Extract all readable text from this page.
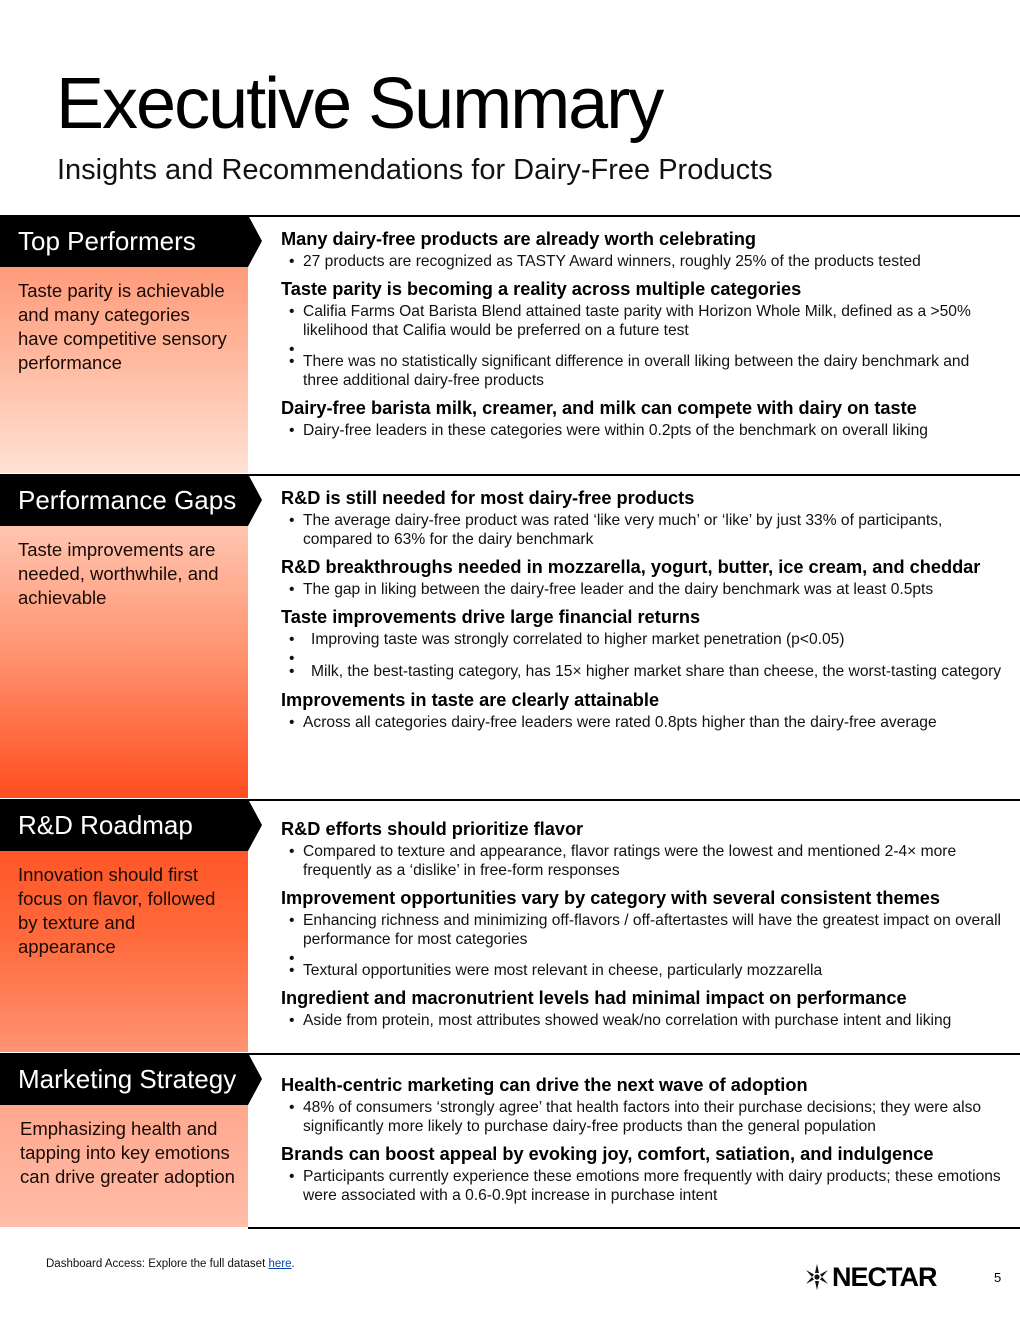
Executive Summary
Insights and Recommendations for Dairy-Free Products
Top Performers
Taste parity is achievable and many categories have competitive sensory performance

Many dairy-free products are already worth celebrating

• 27 products are recognized as TASTY Award winners, roughly 25% of the products tested

Taste parity is becoming a reality across multiple categories

• Califia Farms Oat Barista Blend attained taste parity with Horizon Whole Milk, defined as a >50% likelihood that Califia would be preferred on a future test
•
• There was no statistically significant difference in overall liking between the dairy benchmark and three additional dairy-free products

Dairy-free barista milk, creamer, and milk can compete with dairy on taste

• Dairy-free leaders in these categories were within 0.2pts of the benchmark on overall liking
Performance Gaps
Taste improvements are needed, worthwhile, and achievable

R&D is still needed for most dairy-free products

• The average dairy-free product was rated ‘like very much’ or ‘like’ by just 33% of participants, compared to 63% for the dairy benchmark

R&D breakthroughs needed in mozzarella, yogurt, butter, ice cream, and cheddar

• The gap in liking between the dairy-free leader and the dairy benchmark was at least 0.5pts

Taste improvements drive large financial returns

• Improving taste was strongly correlated to higher market penetration (p<0.05)
•
• Milk, the best-tasting category, has 15× higher market share than cheese, the worst-tasting category

Improvements in taste are clearly attainable

• Across all categories dairy-free leaders were rated 0.8pts higher than the dairy-free average
R&D Roadmap
Innovation should first focus on flavor, followed by texture and appearance

R&D efforts should prioritize flavor

• Compared to texture and appearance, flavor ratings were the lowest and mentioned 2-4× more frequently as a ‘dislike’ in free-form responses

Improvement opportunities vary by category with several consistent themes

• Enhancing richness and minimizing off-flavors / off-aftertastes will have the greatest impact on overall performance for most categories
•
• Textural opportunities were most relevant in cheese, particularly mozzarella

Ingredient and macronutrient levels had minimal impact on performance

• Aside from protein, most attributes showed weak/no correlation with purchase intent and liking
Marketing Strategy
Emphasizing health and tapping into key emotions can drive greater adoption

Health-centric marketing can drive the next wave of adoption

• 48% of consumers ‘strongly agree’ that health factors into their purchase decisions; they were also significantly more likely to purchase dairy-free products than the general population

Brands can boost appeal by evoking joy, comfort, satiation, and indulgence

• Participants currently experience these emotions more frequently with dairy products; these emotions were associated with a 0.6-0.9pt increase in purchase intent
Dashboard Access: Explore the full dataset here.	NECTAR	5
